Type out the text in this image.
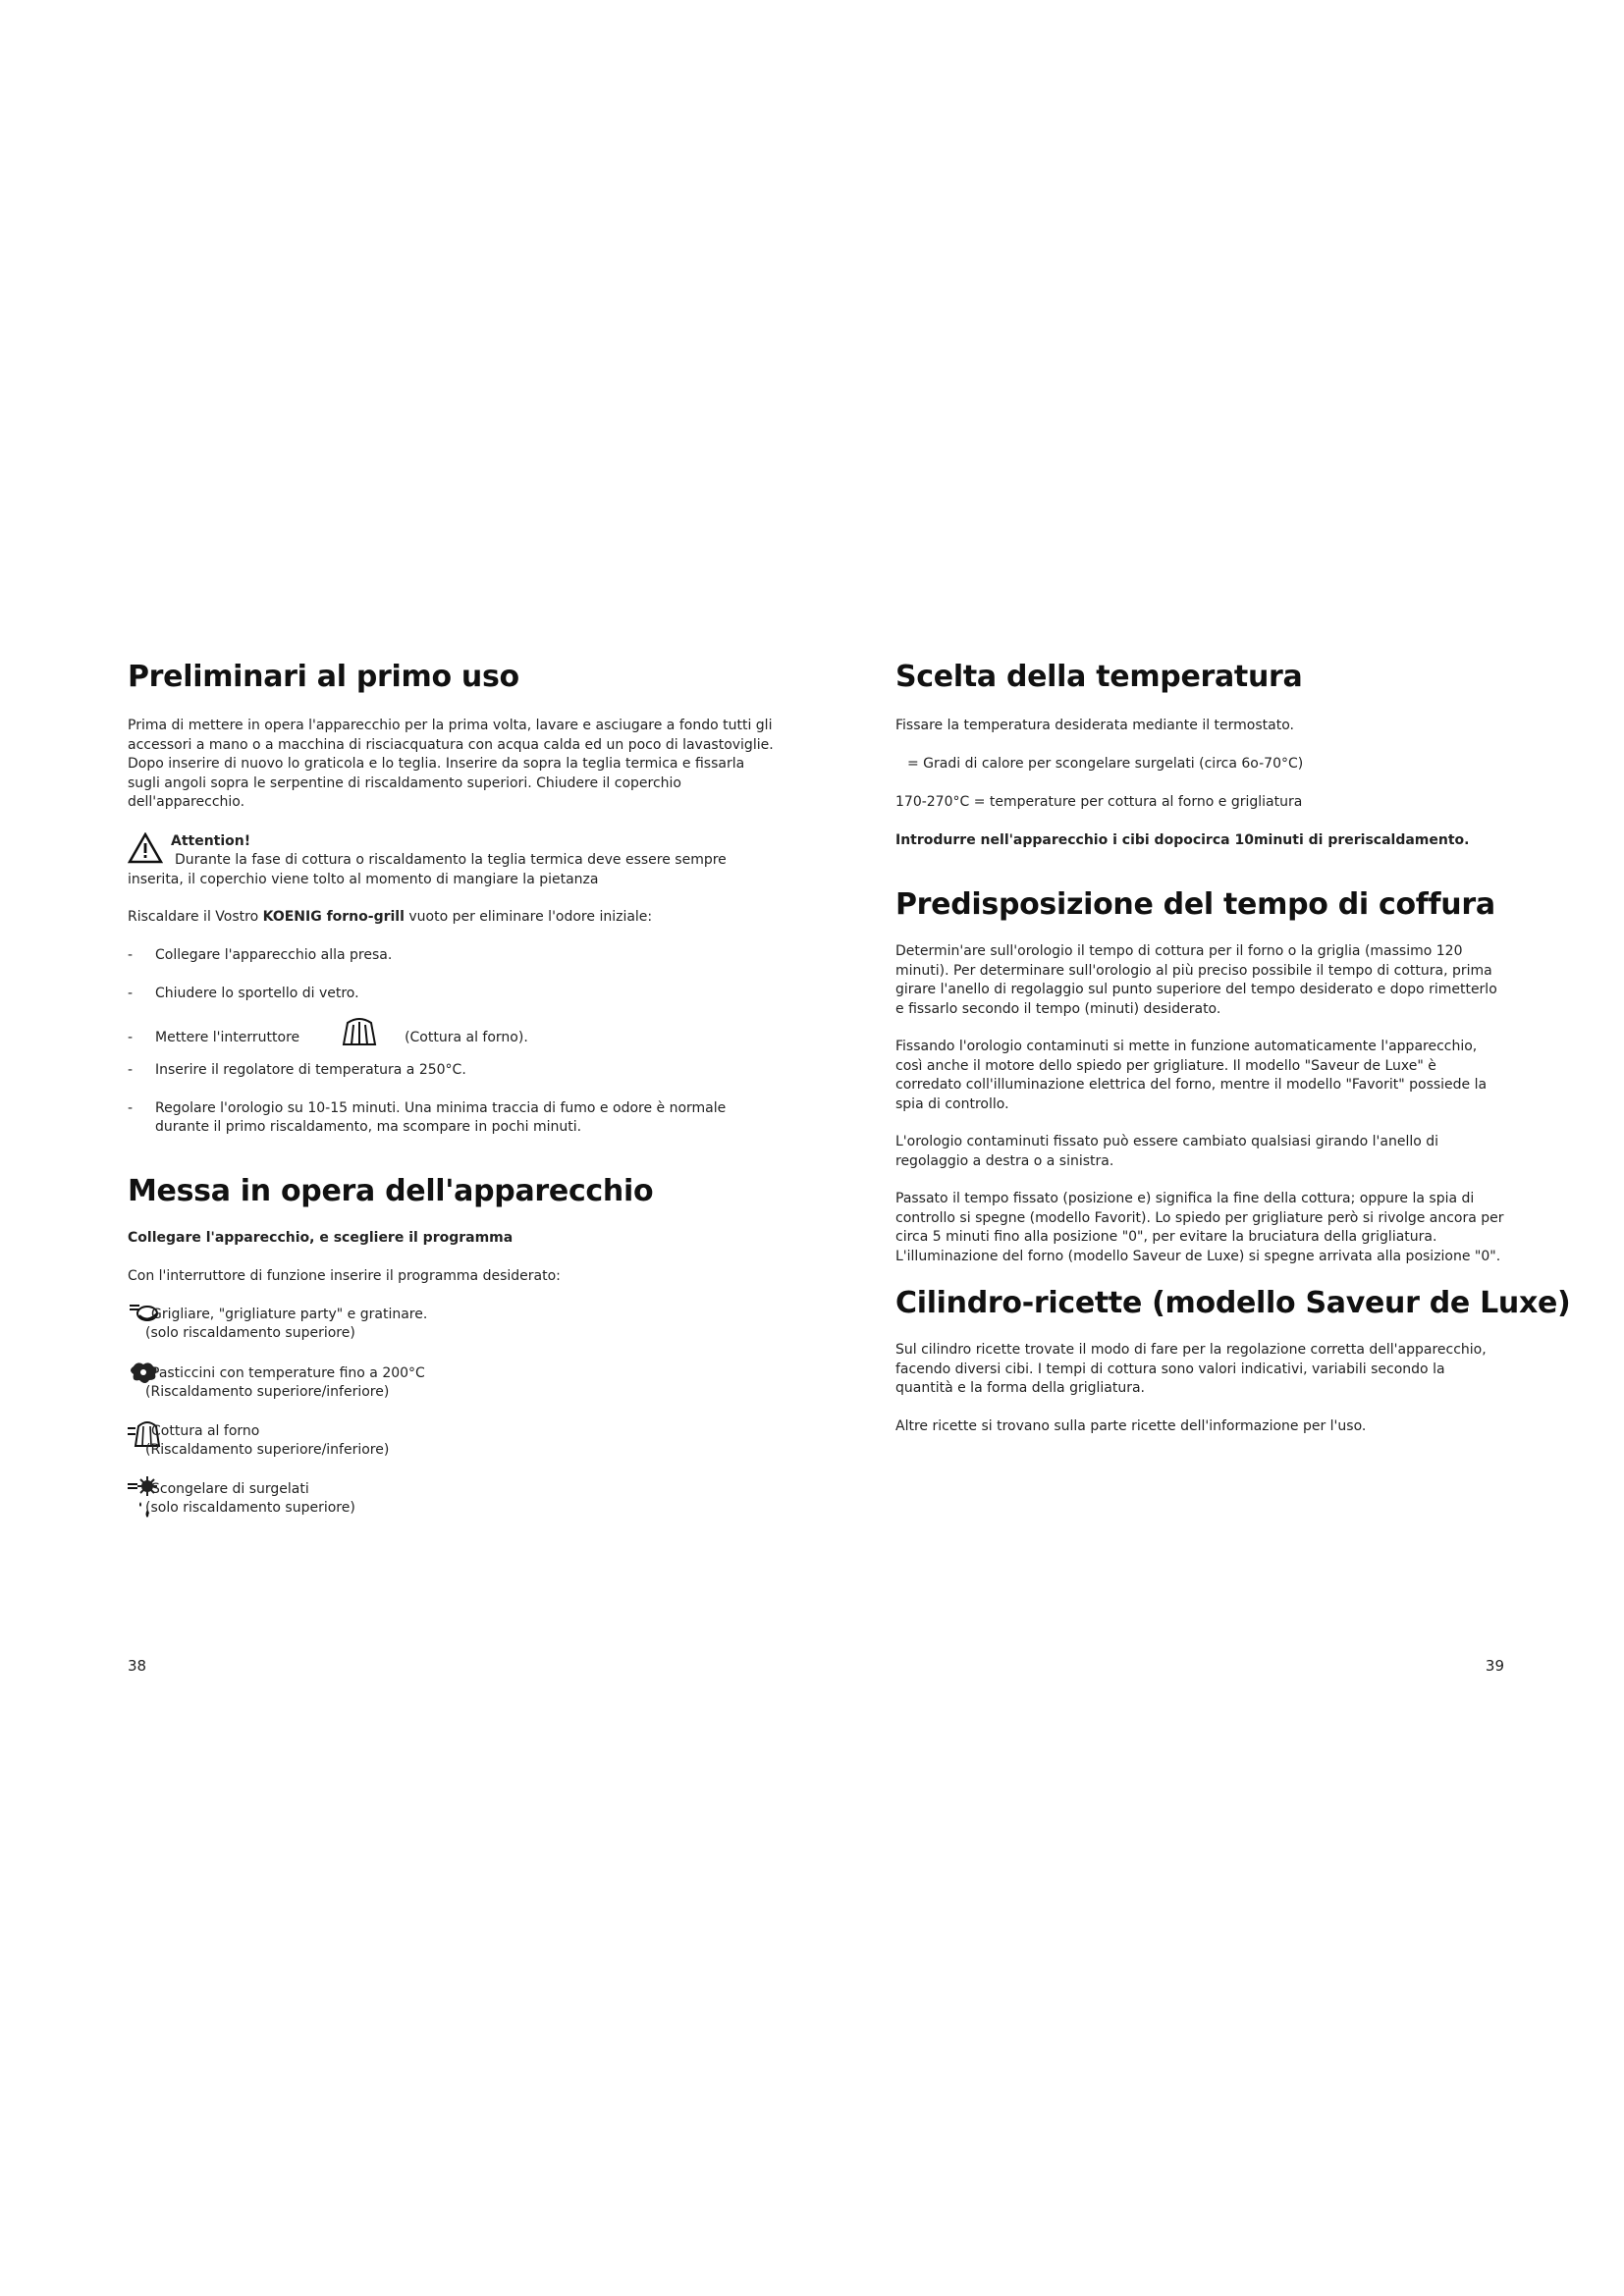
Preliminari al primo uso

Prima di mettere in opera l'apparecchio per la prima volta, lavare e asciugare a fondo tutti gli accessori a mano o a macchina di risciacquatura con acqua calda ed un poco di lavastoviglie. Dopo inserire di nuovo lo graticola e lo teglia. Inserire da sopra la teglia termica e fissarla sugli angoli sopra le serpentine di riscaldamento superiori. Chiudere il coperchio dell'apparecchio.

Attention!

Durante la fase di cottura o riscaldamento la teglia termica deve essere sempre inserita, il coperchio viene tolto al momento di mangiare la pietanza

Riscaldare il Vostro KOENIG forno-grill vuoto per eliminare l'odore iniziale:
- Collegare l'apparecchio alla presa.
- Chiudere lo sportello di vetro.
- Mettere l'interruttore	(Cottura al forno).
- Inserire il regolatore di temperatura a 250°C.
- Regolare l'orologio su 10-15 minuti. Una minima traccia di fumo e odore è normale
durante il primo riscaldamento, ma scompare in pochi minuti.
Messa in opera dell'apparecchio
Collegare l'apparecchio, e scegliere il programma
Con l'interruttore di funzione inserire il programma desiderato:
Grigliare, "grigliature party" e gratinare.
(solo riscaldamento superiore)
Pasticcini con temperature fino a 200°C
(Riscaldamento superiore/inferiore)
Cottura al forno
(Riscaldamento superiore/inferiore)
Scongelare di surgelati
(solo riscaldamento superiore)
38
Scelta della temperatura
Fissare la temperatura desiderata mediante il termostato.
= Gradi di calore per scongelare surgelati (circa 6o-70°C)
170-270°C = temperature per cottura al forno e grigliatura
Introdurre nell'apparecchio i cibi dopocirca 10minuti di preriscaldamento.
Predisposizione del tempo di coffura

Determin'are sull'orologio il tempo di cottura per il forno o la griglia (massimo 120 minuti). Per determinare sull'orologio al più preciso possibile il tempo di cottura, prima girare l'anello di regolaggio sul punto superiore del tempo desiderato e dopo rimetterlo e fissarlo secondo il tempo (minuti) desiderato.

Fissando l'orologio contaminuti si mette in funzione automaticamente l'apparecchio, così anche il motore dello spiedo per grigliature. Il modello "Saveur de Luxe" è corredato coll'illuminazione elettrica del forno, mentre il modello "Favorit" possiede la spia di controllo.

L'orologio contaminuti fissato può essere cambiato qualsiasi girando l'anello di regolaggio a destra o a sinistra.

Passato il tempo fissato (posizione e) significa la fine della cottura; oppure la spia di controllo si spegne (modello Favorit). Lo spiedo per grigliature però si rivolge ancora per circa 5 minuti fino alla posizione "0", per evitare la bruciatura della grigliatura. L'illuminazione del forno (modello Saveur de Luxe) si spegne arrivata alla posizione "0".

Cilindro-ricette (modello Saveur de Luxe)

Sul cilindro ricette trovate il modo di fare per la regolazione corretta dell'apparecchio, facendo diversi cibi. I tempi di cottura sono valori indicativi, variabili secondo la quantità e la forma della grigliatura.

Altre ricette si trovano sulla parte ricette dell'informazione per l'uso.

39
